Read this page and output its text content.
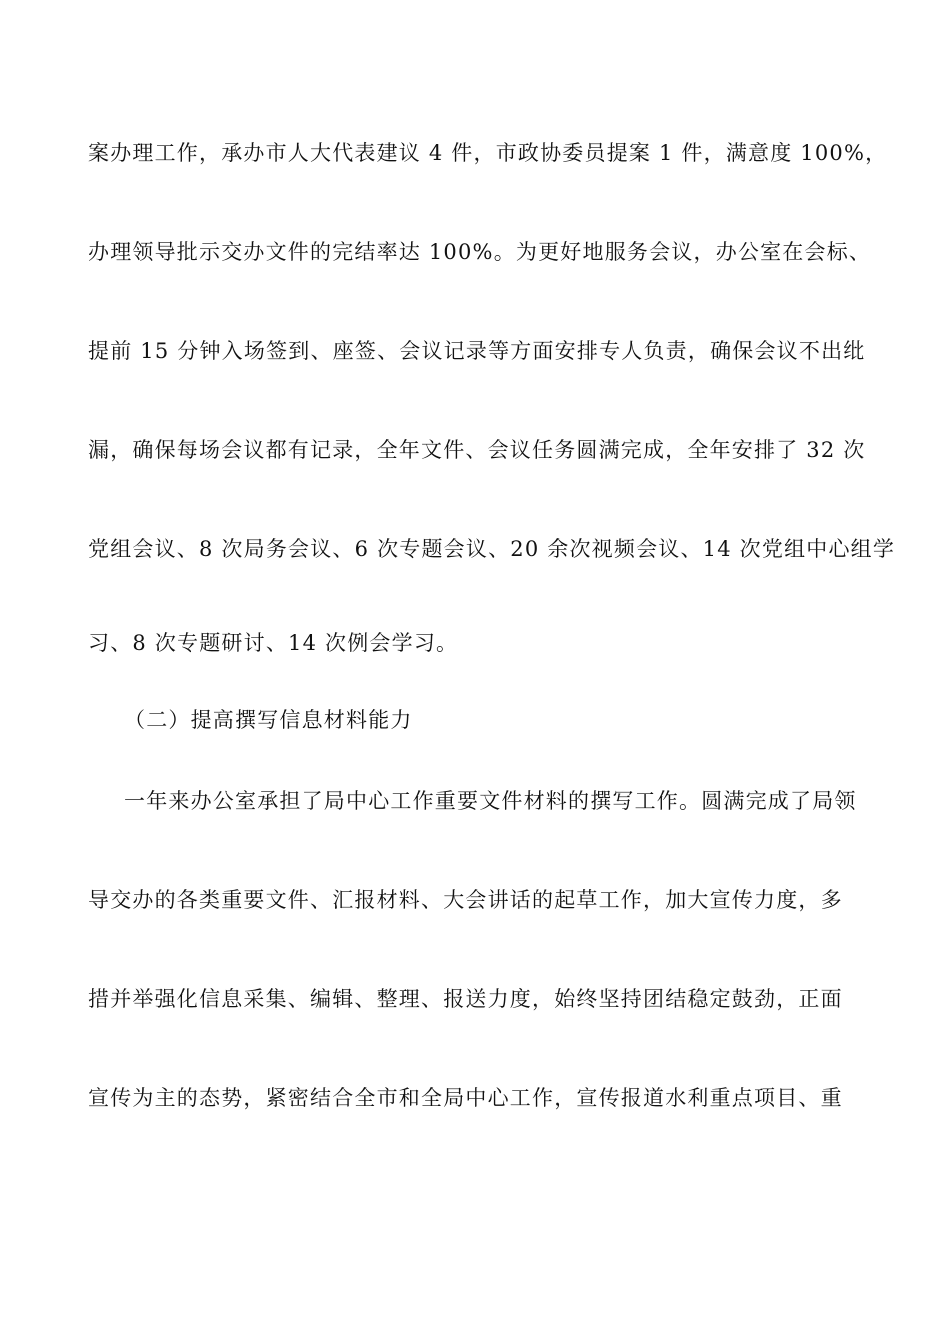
案办理工作，承办市人大代表建议 4 件，市政协委员提案 1 件，满意度 100%，
办理领导批示交办文件的完结率达 100%。为更好地服务会议，办公室在会标、
提前 15 分钟入场签到、座签、会议记录等方面安排专人负责，确保会议不出纰
漏，确保每场会议都有记录，全年文件、会议任务圆满完成，全年安排了 32 次
党组会议、8 次局务会议、6 次专题会议、20 余次视频会议、14 次党组中心组学
习、8 次专题研讨、14 次例会学习。
（二）提高撰写信息材料能力
一年来办公室承担了局中心工作重要文件材料的撰写工作。圆满完成了局领
导交办的各类重要文件、汇报材料、大会讲话的起草工作，加大宣传力度，多
措并举强化信息采集、编辑、整理、报送力度，始终坚持团结稳定鼓劲，正面
宣传为主的态势，紧密结合全市和全局中心工作，宣传报道水利重点项目、重
